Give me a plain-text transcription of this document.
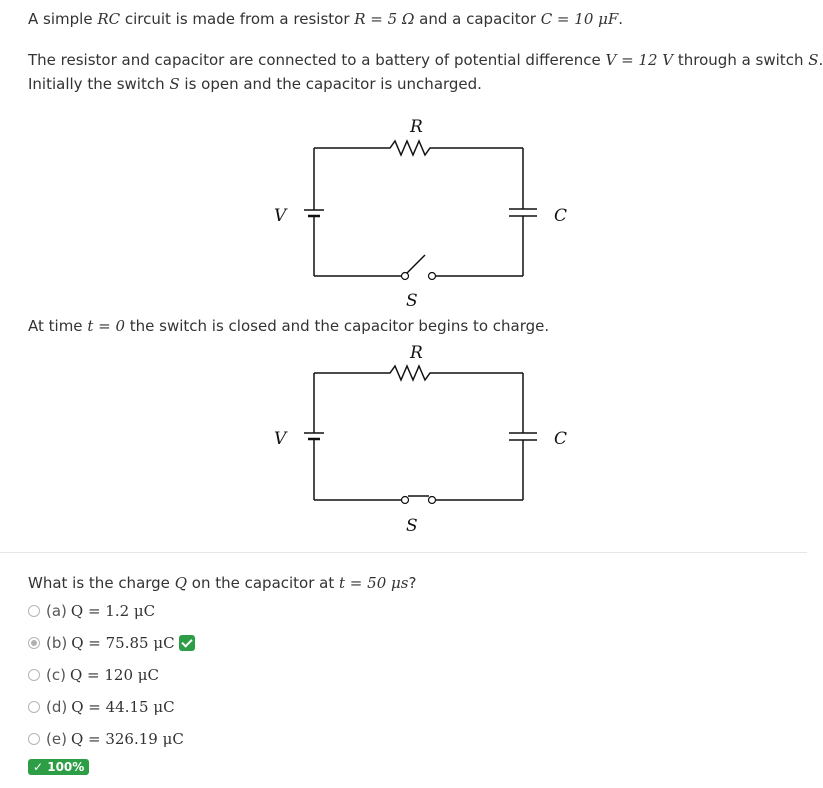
A simple RC circuit is made from a resistor R = 5 Ω and a capacitor C = 10 μF.
The resistor and capacitor are connected to a battery of potential difference V = 12 V through a switch S.
Initially the switch S is open and the capacitor is uncharged.
R
V	C
S
At time t = 0 the switch is closed and the capacitor begins to charge.
R
V	C
S
What is the charge Q on the capacitor at t = 50 μs?
(a) Q = 1.2 μC
(b) Q = 75.85 μC
(c) Q = 120 μC
(d) Q = 44.15 μC
(e) Q = 326.19 μC
✓ 100%
